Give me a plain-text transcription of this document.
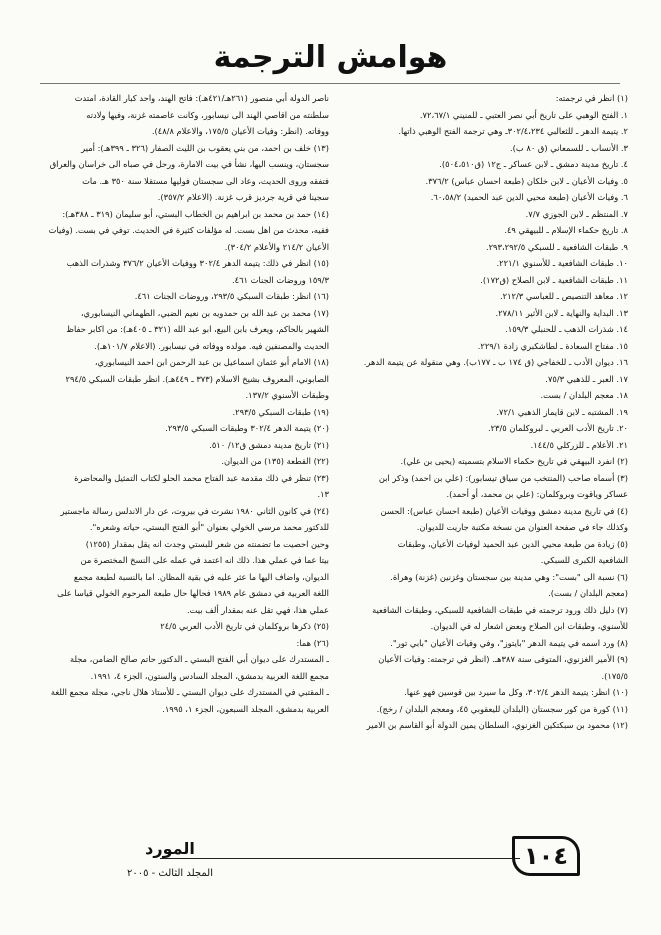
هوامش الترجمة
(١) انظر في ترجمته:
١. الفتح الوهبي على تاريخ أبي نصر العتبي ـ للمنيني ٧٢،٦٧/١.
٢. يتيمة الدهر ـ للثعالبي ٣٠٢/٤،٢٣٤ـ وهي ترجمة الفتح الوهبي ذاتها.
٣. الأنساب ـ للسمعاني (ق ٨٠ ب).
٤. تاريخ مدينة دمشق ـ لابن عساكر ـ ج١٢ (ق٥٠٤،٥١٠).
٥. وفيات الأعيان ـ لابن خلكان (طبعة احسان عباس) ٣٧٦/٢.
٦. وفيات الأعيان (طبعة محيي الدين عبد الحميد) ٦٠،٥٨/٢.
٧. المنتظم ـ لابن الجوزي ٧/٧.
٨. تاريخ حكماء الإسلام ـ للبيهقي ٤٩.
٩. طبقات الشافعية ـ للسبكي ٢٩٣،٢٩٢/٥.
١٠. طبقات الشافعية ـ للأسنوي ٢٢١/١.
١١. طبقات الشافعية ـ لابن الصلاح (ق١٧٢).
١٢. معاهد التنصيص ـ للعباسي ٢١٢/٣.
١٣. البداية والنهاية ـ لابن الأثير ٢٧٨/١١.
١٤. شذرات الذهب ـ للحنبلي ١٥٩/٣.
١٥. مفتاح السعادة ـ لطاشكبري زادة ٢٢٩/١.
١٦. ديوان الأدب ـ للخفاجي (ق ١٧٤ ب ـ ١٧٧ب). وهي منقولة عن يتيمة الدهر.
١٧. العبر ـ للذهبي ٧٥/٣.
١٨. معجم البلدان / بست.
١٩. المشتبه ـ لابن قايماز الذهبي ٧٢/١.
٢٠. تاريخ الأدب العربي ـ لبروكلمان ٢٣/٥.
٢١. الأعلام ـ للزركلي ١٤٤/٥.
(٢) انفرد البيهقي في تاريخ حكماء الاسلام بتسميته (يحيى بن علي).
(٣) أسماه صاحب (المنتخب من سياق تيسابور): (علي بن احمد) وذكر ابن
عساكر وياقوت وبروكلمان: (علي بن محمد، أو أحمد).
(٤) في تاريخ مدينة دمشق ووفيات الأعيان (طبعة احسان عباس): الحسن
وكذلك جاء في صفحة العنوان من نسخة مكتبة جاريت للديوان.
(٥) زيادة من طبعة محيي الدين عبد الحميد لوفيات الأعيان، وطبقات
الشافعية الكبرى للسبكي.
(٦) نسبة الى "بست": وهي مدينة بين سجستان وغزنين (غزنة) وهراة.
(معجم البلدان / بست).
(٧) دليل ذلك ورود ترجمته في طبقات الشافعية للسبكي، وطبقات الشافعية
للأسنوي، وطبقات ابن الصلاح وبعض اشعار له في الديوان.
(٨) ورد اسمه في يتيمة الدهر "بايتوز"، وفي وفيات الأعيان "بابي تور".
(٩) الأمير الغزنوي، المتوفى سنة ٣٨٧هـ. (انظر في ترجمته: وفيات الأعيان
١٧٥/٥).
(١٠) انظر: يتيمة الدهر ٣٠٢/٤، وكل ما سيرد بين قوسين فهو عنها.
(١١) كورة من كور سجستان (البلدان لليعقوبي ٤٥، ومعجم البلدان / رخج).
(١٢) محمود بن سبكتكين الغزنوي، السلطان يمين الدولة أبو القاسم بن الامير
ناصر الدولة أبي منصور (٢٦١هـ/٤٢١هـ): فاتح الهند، واحد كبار القادة، امتدت
سلطنته من اقاصي الهند الى نيسابور، وكانت عاصمته غزنة، وفيها ولادته
ووفاته. (انظر: وفيات الأعيان ١٧٥/٥، والاعلام ٤٨/٨).
(١٣) خلف بن احمد، من بني يعقوب بن الليث الصفار (٣٢٦ ـ ٣٩٩هـ): أمير
سجستان، وينسب اليها، نشأ في بيت الامارة، ورحل في صباه الى خراسان والعراق
فتفقه وروى الحديث، وعاد الى سجستان فوليها مستقلا سنة ٣٥٠ هـ. مات
سجينا في قرية جرديز قرب غزنة. (الاعلام ٣٥٧/٢).
(١٤) حمد بن محمد بن ابراهيم بن الخطاب البستي، أبو سليمان (٣١٩ ـ ٣٨٨هـ):
فقيه، محدث من اهل بست. له مؤلفات كثيرة في الحديث. توفي في بست. (وفيات
الأعيان ٢١٤/٢ والأعلام ٣٠٤/٢).
(١٥) انظر في ذلك: يتيمة الدهر ٣٠٢/٤ ووفيات الأعيان ٣٧٦/٢ وشذرات الذهب
١٥٩/٣ وروضات الجنات ٤٦١.
(١٦) انظر: طبقات السبكي ٢٩٣/٥، وروضات الجنات ٤٦١.
(١٧) محمد بن عبد الله بن حمدويه بن نعيم الضبي، الطهماني النيسابوري،
الشهير بالحاكم، ويعرف بابن البيع، ابو عبد الله (٣٢١ ـ ٤٠٥هـ): من اكابر حفاظ
الحديث والمصنفين فيه. مولده ووفاته في نيسابور. (الاعلام ١٠١/٧هـ).
(١٨) الامام أبو عثمان اسماعيل بن عبد الرحمن ابن احمد النيسابوري،
الصابوني، المعروف بشيخ الاسلام (٣٧٣ ـ ٤٤٩هـ). انظر طبقات السبكي ٢٩٤/٥
وطبقات الأسنوي ١٣٧/٢.
(١٩) طبقات السبكي ٢٩٣/٥.
(٢٠) يتيمة الدهر ٣٠٢/٤ وطبقات السبكي ٢٩٣/٥.
(٢١) تاريخ مدينة دمشق ق١٢/ ٥١٠.
(٢٢) القطعة (١٣٥) من الديوان.
(٢٣) تنظر في ذلك مقدمة عبد الفتاح محمد الحلو لكتاب التمثيل والمحاضرة
١٣.
(٢٤) في كانون الثاني ١٩٨٠ نشرت في بيروت، عن دار الاندلس رسالة ماجستير
للدكتور محمد مرسي الخولي بعنوان "أبو الفتح البستي، حياته وشعره".
وحين احصيت ما تضمنته من شعر للبستي وجدت انه يقل بمقدار (١٢٥٥)
بيتا عما في عملي هذا. ذلك انه اعتمد في عمله على النسخ المختصرة من
الديوان، واضاف اليها ما عثر عليه في بقية المظان. اما بالنسبة لطبعة مجمع
اللغة العربية في دمشق عام ١٩٨٩ فحالها حال طبعة المرحوم الخولي قياسا على
عملي هذا، فهي تقل عنه بمقدار ألف بيت.
(٢٥) ذكرها بروكلمان في تاريخ الأدب العربي ٢٤/٥
(٢٦) هما:
ـ المستدرك على ديوان أبي الفتح البستي ـ الدكتور حاتم صالح الضامن، مجلة
مجمع اللغة العربية بدمشق، المجلد السادس والستون، الجزء ٤، ١٩٩١.
ـ المقتبي في المستدرك على ديوان البستي ـ للأستاذ هلال ناجي، مجلة مجمع اللغة
العربية بدمشق، المجلد السبعون، الجزء ١، ١٩٩٥.
١٠٤
المورد
المجلد الثالث - ٢٠٠٥
